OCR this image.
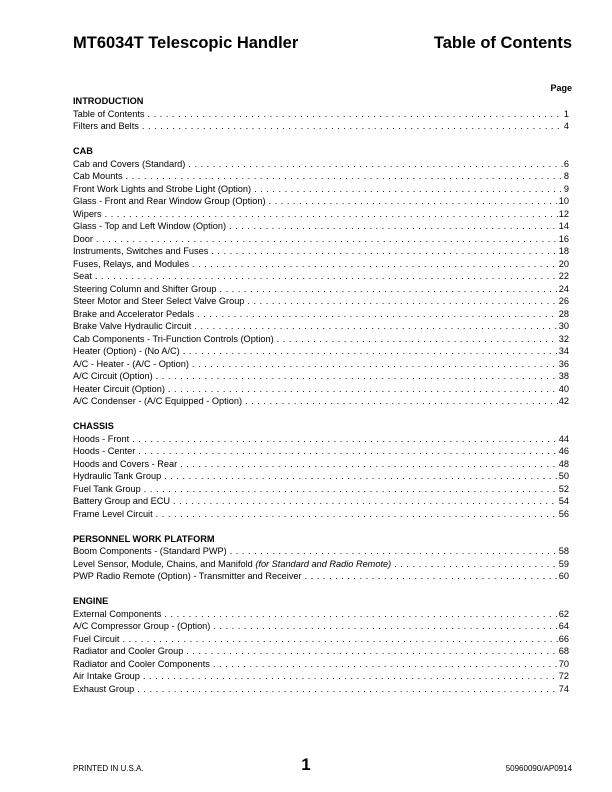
MT6034T Telescopic Handler	Table of Contents
Page
INTRODUCTION
Table of Contents . . .	1
Filters and Belts . . .	4
CAB
Cab and Covers (Standard) . . .	6
Cab Mounts . . .	8
Front Work Lights and Strobe Light (Option) . . .	9
Glass - Front and Rear Window Group (Option) . . .	10
Wipers . . .	12
Glass - Top and Left Window (Option) . . .	14
Door . . .	16
Instruments, Switches and Fuses . . .	18
Fuses, Relays, and Modules . . .	20
Seat . . .	22
Steering Column and Shifter Group . . .	24
Steer Motor and Steer Select Valve Group . . .	26
Brake and Accelerator Pedals . . .	28
Brake Valve Hydraulic Circuit . . .	30
Cab Components - Tri-Function Controls (Option) . . .	32
Heater (Option) - (No A/C) . . .	34
A/C - Heater - (A/C - Option) . . .	36
A/C Circuit (Option) . . .	38
Heater Circuit (Option) . . .	40
A/C Condenser - (A/C Equipped - Option) . . .	42
CHASSIS
Hoods - Front . . .	44
Hoods - Center . . .	46
Hoods and Covers - Rear . . .	48
Hydraulic Tank Group . . .	50
Fuel Tank Group . . .	52
Battery Group and ECU . . .	54
Frame Level Circuit . . .	56
PERSONNEL WORK PLATFORM
Boom Components - (Standard PWP) . . .	58
Level Sensor, Module, Chains, and Manifold (for Standard and Radio Remote) . . .	59
PWP Radio Remote (Option) - Transmitter and Receiver . . .	60
ENGINE
External Components . . .	62
A/C Compressor Group - (Option) . . .	64
Fuel Circuit . . .	66
Radiator and Cooler Group . . .	68
Radiator and Cooler Components . . .	70
Air Intake Group . . .	72
Exhaust Group . . .	74
PRINTED IN U.S.A.	1	50960090/AP0914
